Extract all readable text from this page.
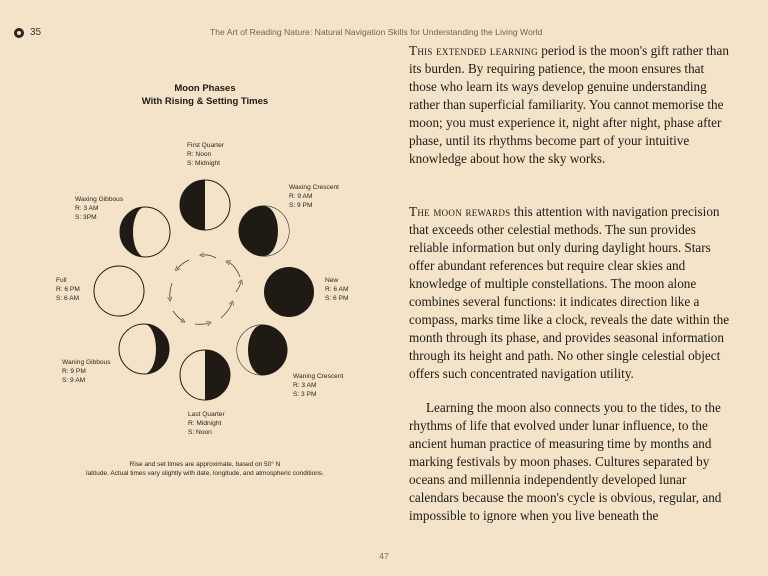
35	The Art of Reading Nature: Natural Navigation Skills for Understanding the Living World
Moon Phases
With Rising & Setting Times
First Quarter
R: Noon
S: Midnight
Waxing Crescent
R: 9 AM
S: 9 PM
New
R: 6 AM
S: 6 PM
Waning Crescent
R: 3 AM
S: 3 PM
Last Quarter
R: Midnight
S: Noon
Waning Gibbous
R: 9 PM
S: 9 AM
Full
R: 6 PM
S: 6 AM
Waxing Gibbous
R: 3 AM
S: 3PM
Rise and set times are approximate, based on 50° N
latitude. Actual times vary slightly with date, longitude, and atmospheric conditions.

This extended learning period is the moon's gift rather than its burden. By requiring patience, the moon ensures that those who learn its ways develop genuine understanding rather than superficial familiarity. You cannot memorise the moon; you must experience it, night after night, phase after phase, until its rhythms become part of your intuitive knowledge about how the sky works.

The moon rewards this attention with navigation precision that exceeds other celestial methods. The sun provides reliable information but only during daylight hours. Stars offer abundant references but require clear skies and knowledge of multiple constellations. The moon alone combines several functions: it indicates direction like a compass, marks time like a clock, reveals the date within the month through its phase, and provides seasonal information through its height and path. No other single celestial object offers such concentrated navigation utility.

Learning the moon also connects you to the tides, to the rhythms of life that evolved under lunar influence, to the ancient human practice of measuring time by months and marking festivals by moon phases. Cultures separated by oceans and millennia independently developed lunar calendars because the moon's cycle is obvious, regular, and impossible to ignore when you live beneath the

47
